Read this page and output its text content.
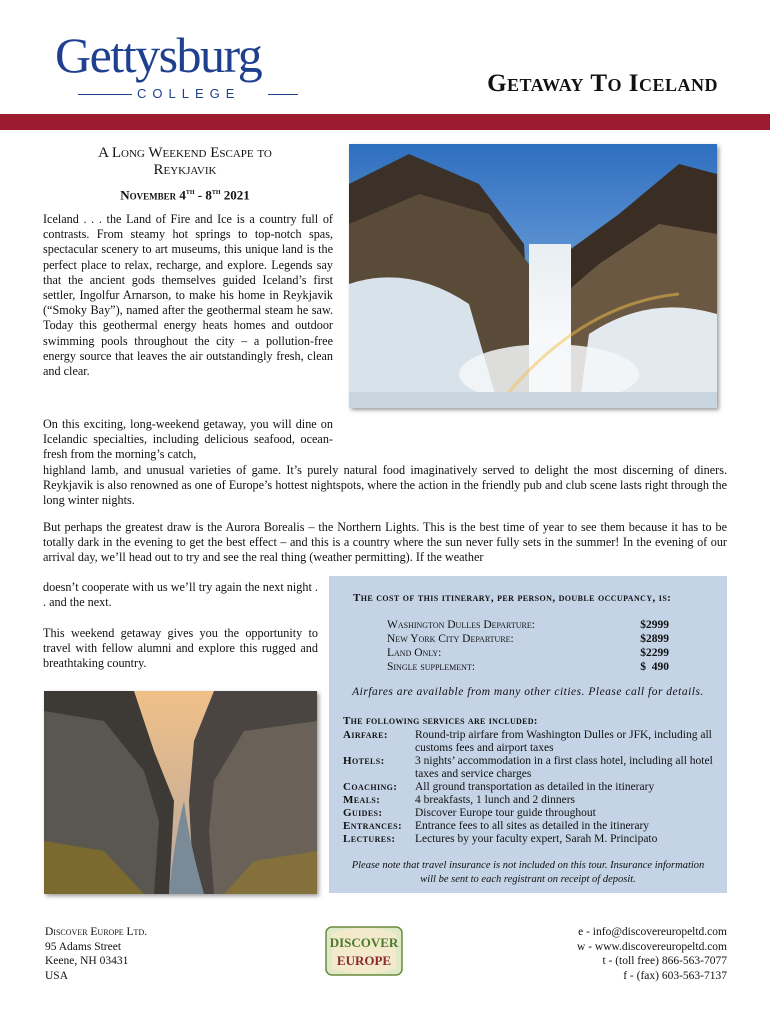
Gettysburg
COLLEGE	Getaway To Iceland
A Long Weekend Escape to
Reykjavik
November 4th - 8th 2021
Iceland . . . the Land of Fire and Ice is a country full of contrasts. From steamy hot springs to top-notch spas, spectacular scenery to art museums, this unique land is the perfect place to relax, recharge, and explore. Legends say that the ancient gods themselves guided Iceland’s first settler, Ingolfur Arnarson, to make his home in Reykjavik (“Smoky Bay”), named after the geothermal steam he saw. Today this geothermal energy heats homes and outdoor swimming pools throughout the city – a pollution-free energy source that leaves the air outstandingly fresh, clean and clear.
On this exciting, long-weekend getaway, you will dine on Icelandic specialties, including delicious seafood, ocean-fresh from the morning’s catch,
highland lamb, and unusual varieties of game. It’s purely natural food imaginatively served to delight the most discerning of diners. Reykjavik is also renowned as one of Europe’s hottest nightspots, where the action in the friendly pub and club scene lasts right through the long winter nights.
But perhaps the greatest draw is the Aurora Borealis – the Northern Lights. This is the best time of year to see them because it has to be totally dark in the evening to get the best effect – and this is a country where the sun never fully sets in the summer! In the evening of our arrival day, we’ll head out to try and see the real thing (weather permitting). If the weather
doesn’t cooperate with us we’ll try again the next night . . and the next.
This weekend getaway gives you the opportunity to travel with fellow alumni and explore this rugged and breathtaking country.
The cost of this itinerary, per person, double occupancy, is:
Washington Dulles Departure:	$2999
New York City Departure:	$2899
Land Only:	$2299
Single supplement:	$  490
Airfares are available from many other cities. Please call for details.
The following services are included:
Airfare: Round-trip airfare from Washington Dulles or JFK, including all customs fees and airport taxes
Hotels:	3 nights’ accommodation in a first class hotel, including all hotel taxes and service charges
Coaching: All ground transportation as detailed in the itinerary
Meals:	4 breakfasts, 1 lunch and 2 dinners
Guides:	Discover Europe tour guide throughout
Entrances: Entrance fees to all sites as detailed in the itinerary
Lectures: Lectures by your faculty expert, Sarah M. Principato
Please note that travel insurance is not included on this tour. Insurance information will be sent to each registrant on receipt of deposit.
Discover Europe Ltd.
95 Adams Street
Keene, NH 03431
USA
DISCOVER
EUROPE
e - info@discovereuropeltd.com
w - www.discovereuropeltd.com
t - (toll free) 866-563-7077
f - (fax) 603-563-7137
